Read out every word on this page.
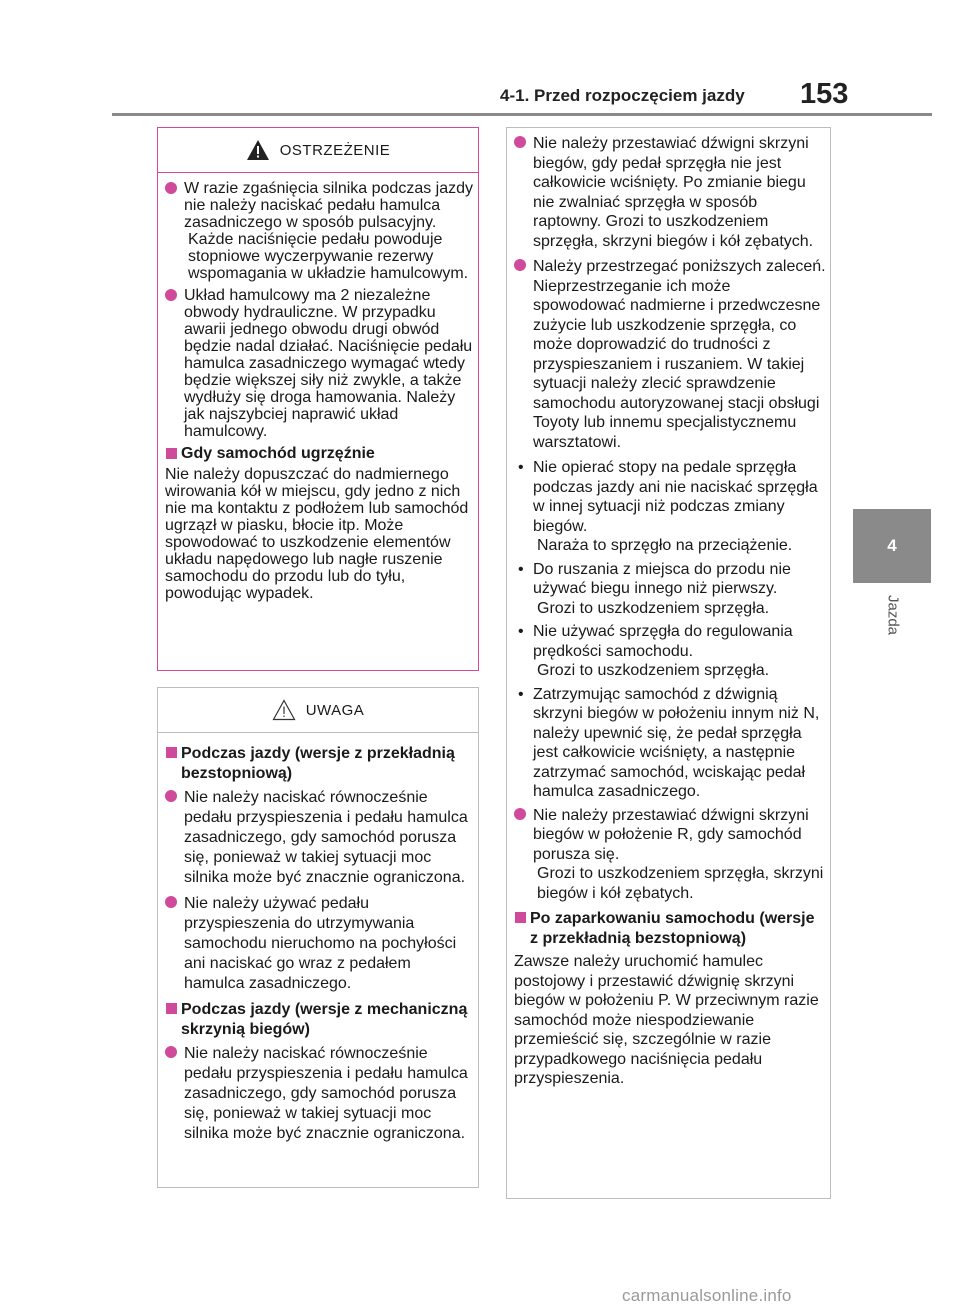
4-1. Przed rozpoczęciem jazdy 153
4
Jazda
OSTRZEŻENIE
W razie zgaśnięcia silnika podczas jazdy nie należy naciskać pedału hamulca zasadniczego w sposób pulsacyjny.
Każde naciśnięcie pedału powoduje stopniowe wyczerpywanie rezerwy wspomagania w układzie hamulcowym.
Układ hamulcowy ma 2 niezależne obwody hydrauliczne. W przypadku awarii jednego obwodu drugi obwód będzie nadal działać. Naciśnięcie pedału hamulca zasadniczego wymagać wtedy będzie większej siły niż zwykle, a także wydłuży się droga hamowania. Należy jak najszybciej naprawić układ hamulcowy.
Gdy samochód ugrzęźnie
Nie należy dopuszczać do nadmiernego wirowania kół w miejscu, gdy jedno z nich nie ma kontaktu z podłożem lub samochód ugrzązł w piasku, błocie itp. Może spowodować to uszkodzenie elementów układu napędowego lub nagłe ruszenie samochodu do przodu lub do tyłu, powodując wypadek.
UWAGA
Podczas jazdy (wersje z przekładnią bezstopniową)
Nie należy naciskać równocześnie pedału przyspieszenia i pedału hamulca zasadniczego, gdy samochód porusza się, ponieważ w takiej sytuacji moc silnika może być znacznie ograniczona.
Nie należy używać pedału przyspieszenia do utrzymywania samochodu nieruchomo na pochyłości ani naciskać go wraz z pedałem hamulca zasadniczego.
Podczas jazdy (wersje z mechaniczną skrzynią biegów)
Nie należy naciskać równocześnie pedału przyspieszenia i pedału hamulca zasadniczego, gdy samochód porusza się, ponieważ w takiej sytuacji moc silnika może być znacznie ograniczona.
Nie należy przestawiać dźwigni skrzyni biegów, gdy pedał sprzęgła nie jest całkowicie wciśnięty. Po zmianie biegu nie zwalniać sprzęgła w sposób raptowny. Grozi to uszkodzeniem sprzęgła, skrzyni biegów i kół zębatych.
Należy przestrzegać poniższych zaleceń. Nieprzestrzeganie ich może spowodować nadmierne i przedwczesne zużycie lub uszkodzenie sprzęgła, co może doprowadzić do trudności z przyspieszaniem i ruszaniem. W takiej sytuacji należy zlecić sprawdzenie samochodu autoryzowanej stacji obsługi Toyoty lub innemu specjalistycznemu warsztatowi.
• Nie opierać stopy na pedale sprzęgła podczas jazdy ani nie naciskać sprzęgła w innej sytuacji niż podczas zmiany biegów.
Naraża to sprzęgło na przeciążenie.
• Do ruszania z miejsca do przodu nie używać biegu innego niż pierwszy.
Grozi to uszkodzeniem sprzęgła.
• Nie używać sprzęgła do regulowania prędkości samochodu.
Grozi to uszkodzeniem sprzęgła.
• Zatrzymując samochód z dźwignią skrzyni biegów w położeniu innym niż N, należy upewnić się, że pedał sprzęgła jest całkowicie wciśnięty, a następnie zatrzymać samochód, wciskając pedał hamulca zasadniczego.
Nie należy przestawiać dźwigni skrzyni biegów w położenie R, gdy samochód porusza się.
Grozi to uszkodzeniem sprzęgła, skrzyni biegów i kół zębatych.
Po zaparkowaniu samochodu (wersje z przekładnią bezstopniową)
Zawsze należy uruchomić hamulec postojowy i przestawić dźwignię skrzyni biegów w położeniu P. W przeciwnym razie samochód może niespodziewanie przemieścić się, szczególnie w razie przypadkowego naciśnięcia pedału przyspieszenia.
carmanualsonline.info
